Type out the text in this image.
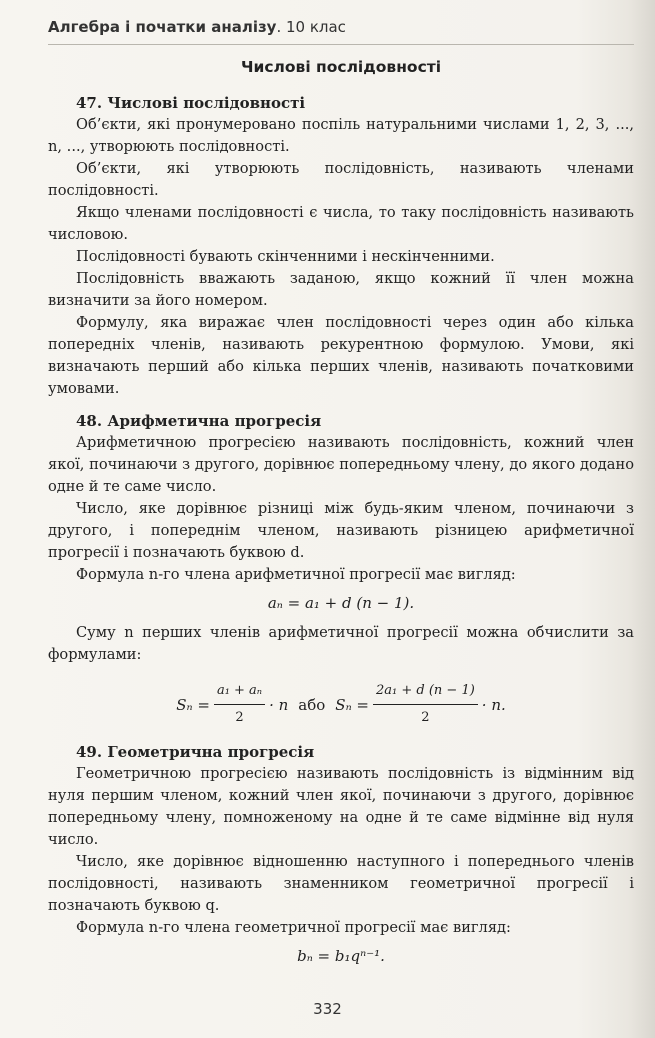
Алгебра і початки аналізу. 10 клас
Числові послідовності

47. Числові послідовності

Об’єкти, які пронумеровано поспіль натуральними числами 1, 2, 3, ..., n, ..., утворюють послідовності.

Об’єкти, які утворюють послідовність, називають членами послідовності.

Якщо членами послідовності є числа, то таку послідовність називають числовою.

Послідовності бувають скінченними і нескінченними.

Послідовність вважають заданою, якщо кожний її член можна визначити за його номером.

Формулу, яка виражає член послідовності через один або кілька попередніх членів, називають рекурентною формулою. Умови, які визначають перший або кілька перших членів, називають початковими умовами.

48. Арифметична прогресія

Арифметичною прогресією називають послідовність, кожний член якої, починаючи з другого, дорівнює попередньому члену, до якого додано одне й те саме число.

Число, яке дорівнює різниці між будь-яким членом, починаючи з другого, і попереднім членом, називають різницею арифметичної прогресії і позначають буквою d.

Формула n-го члена арифметичної прогресії має вигляд:

aₙ = a₁ + d (n − 1).

Суму n перших членів арифметичної прогресії можна обчислити за формулами:

$S_n = \frac{\text{a₁ + aₙ}}{2} \cdot n$ або $S_n = \frac{\text{2a₁ + d (n − 1)}}{2} \cdot n$.

49. Геометрична прогресія

Геометричною прогресією називають послідовність із відмінним від нуля першим членом, кожний член якої, починаючи з другого, дорівнює попередньому члену, помноженому на одне й те саме відмінне від нуля число.

Число, яке дорівнює відношенню наступного і попереднього членів послідовності, називають знаменником геометричної прогресії і позначають буквою q.

Формула n-го члена геометричної прогресії має вигляд:

bₙ = b₁qⁿ⁻¹.
332
